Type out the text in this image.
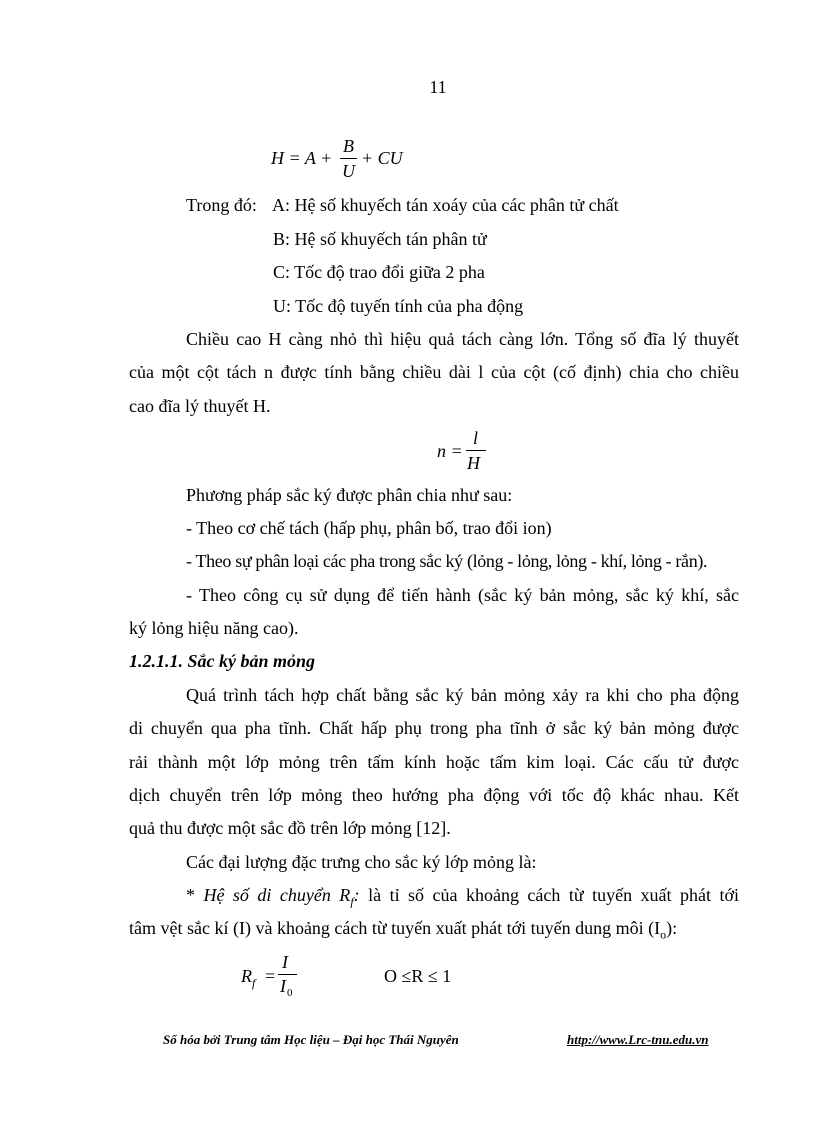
11
H = A +
B
U
+ CU
Trong đó: A: Hệ số khuyếch tán xoáy của các phân tử chất
B: Hệ số khuyếch tán phân tử
C: Tốc độ trao đổi giữa 2 pha
U: Tốc độ tuyến tính của pha động
Chiều cao H càng nhỏ thì hiệu quả tách càng lớn. Tổng số đĩa lý thuyết
của một cột tách n được tính bằng chiều dài l của cột (cố định) chia cho chiều
cao đĩa lý thuyết H.
n =
l
H
Phương pháp sắc ký được phân chia như sau:
- Theo cơ chế tách (hấp phụ, phân bố, trao đổi ion)
- Theo sự phân loại các pha trong sắc ký (lỏng - lỏng, lỏng - khí, lỏng - rắn).
- Theo công cụ sử dụng để tiến hành (sắc ký bản mỏng, sắc ký khí, sắc
ký lỏng hiệu năng cao).
1.2.1.1. Sắc ký bản mỏng
Quá trình tách hợp chất bằng sắc ký bản mỏng xảy ra khi cho pha động
di chuyển qua pha tĩnh. Chất hấp phụ trong pha tĩnh ở sắc ký bản mỏng được
rải thành một lớp mỏng trên tấm kính hoặc tấm kim loại. Các cấu tử được
dịch chuyển trên lớp mỏng theo hướng pha động với tốc độ khác nhau. Kết
quả thu được một sắc đồ trên lớp mỏng [12].
Các đại lượng đặc trưng cho sắc ký lớp mỏng là:
* Hệ số di chuyển $R_f$: là tỉ số của khoảng cách từ tuyến xuất phát tới
tâm vệt sắc kí (I) và khoảng cách từ tuyến xuất phát tới tuyến dung môi $(I_o)$:
R f =
I
I 0
O ≤R ≤ 1
Số hóa bởi Trung tâm Học liệu – Đại học Thái Nguyên	http://www.Lrc-tnu.edu.vn
